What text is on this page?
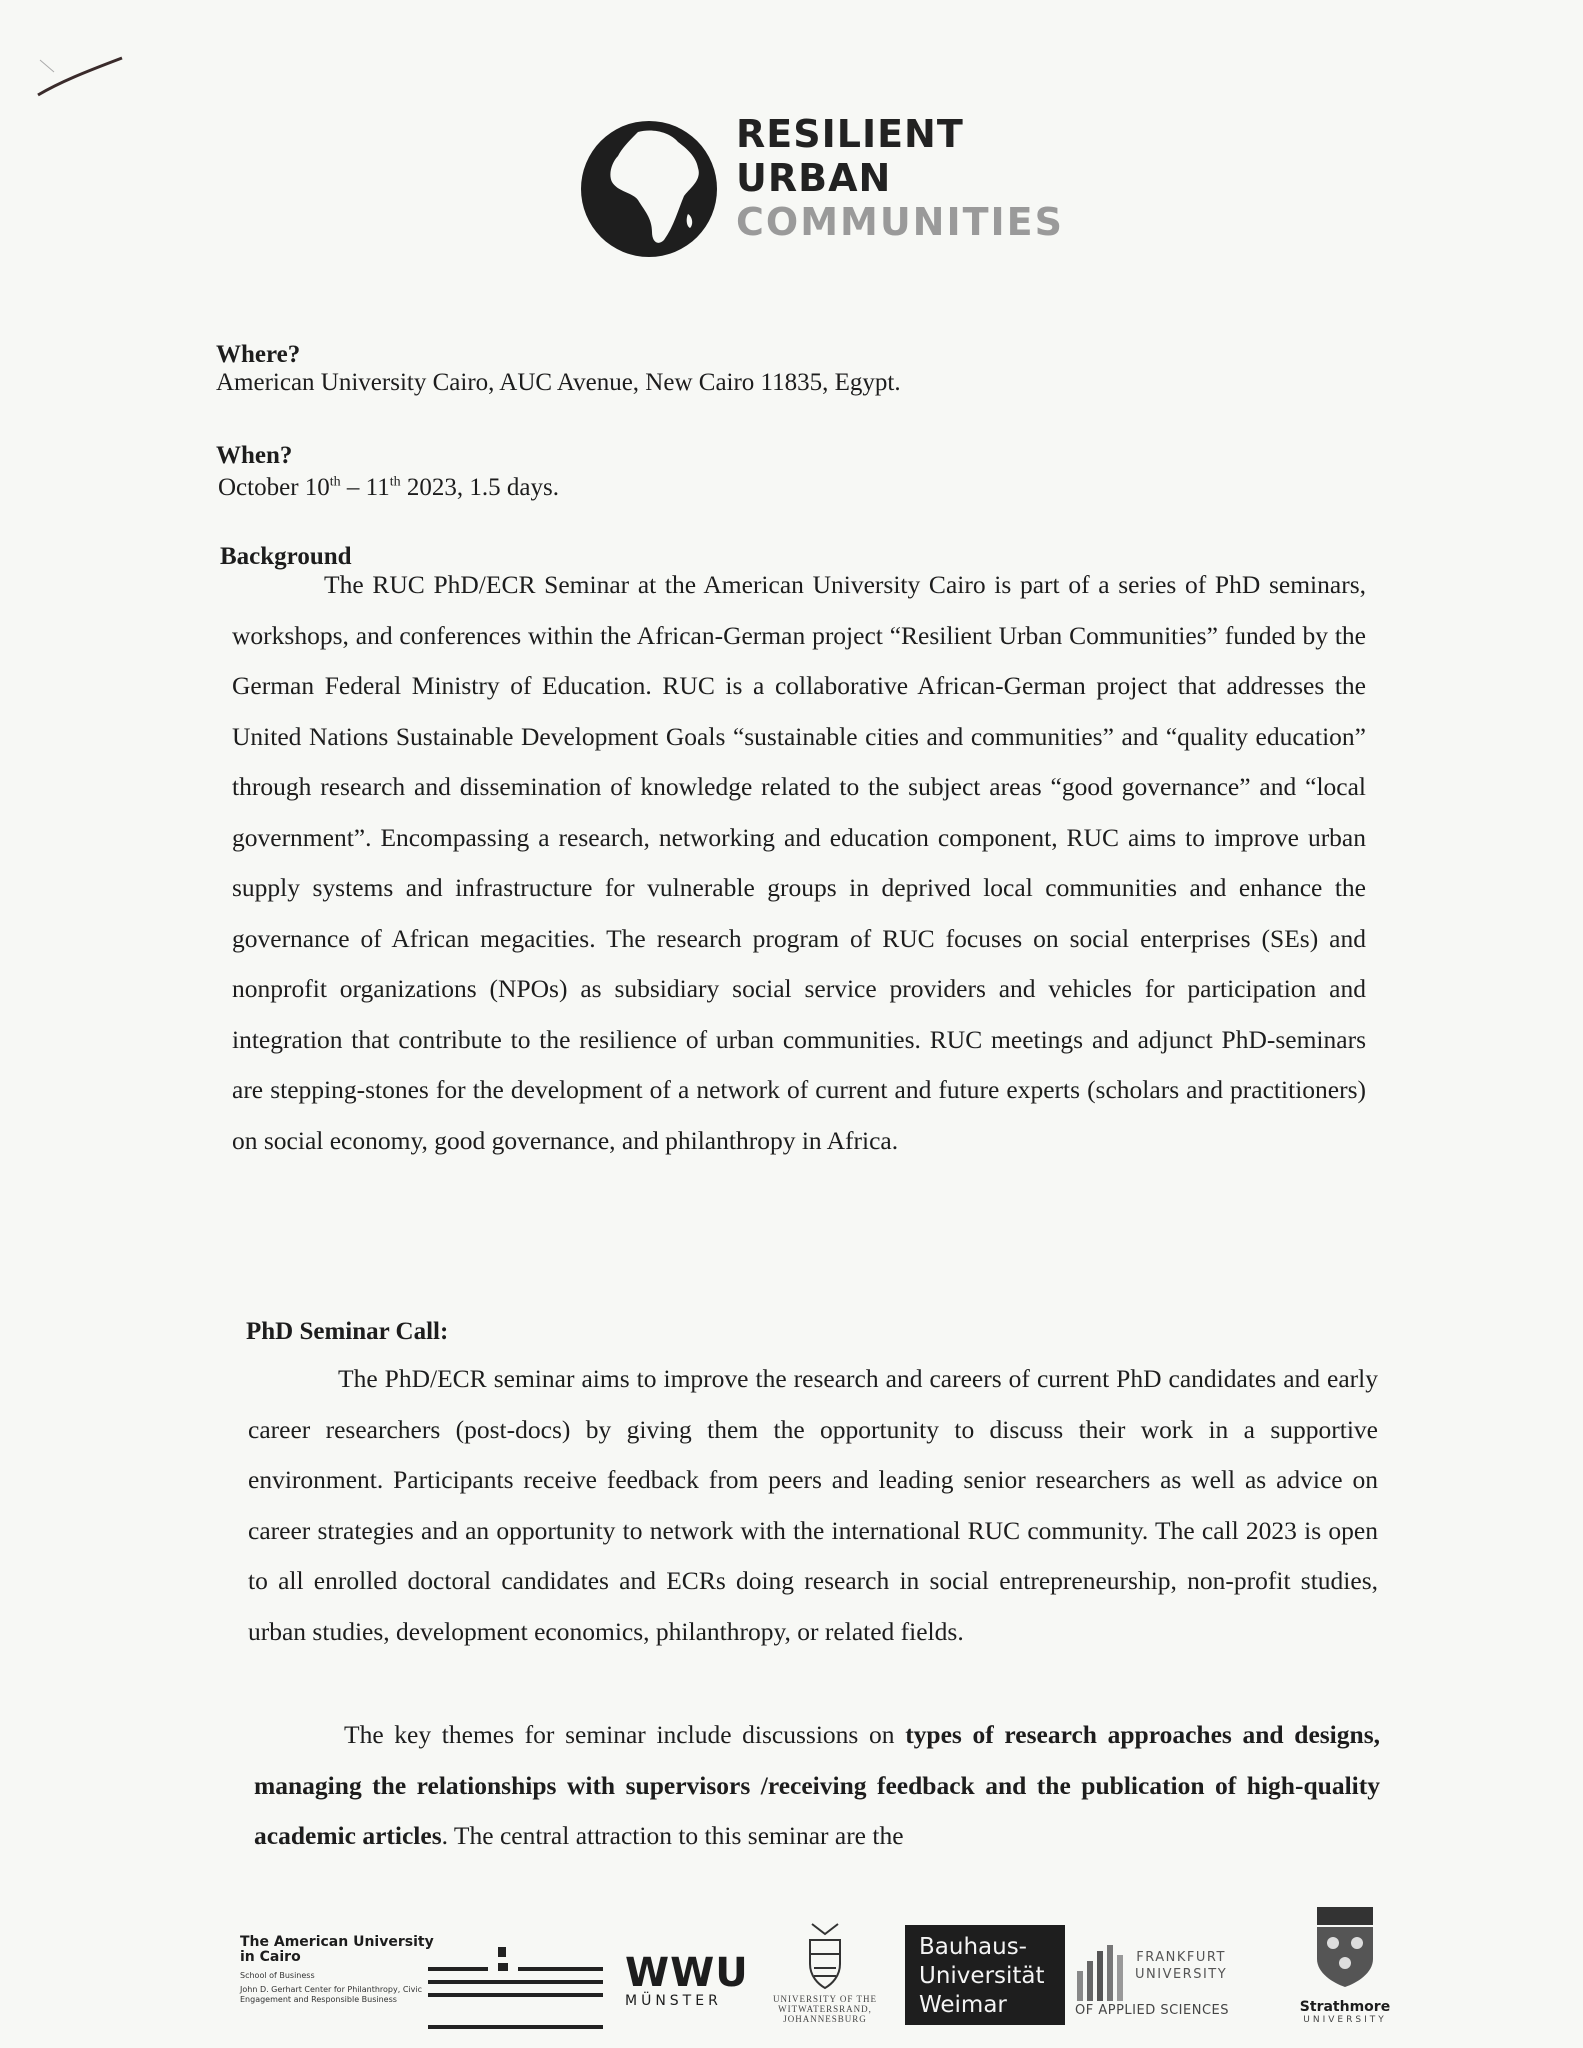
RESILIENT
URBAN
COMMUNITIES
Where?
American University Cairo, AUC Avenue, New Cairo 11835, Egypt.
When?
October 10th – 11th 2023, 1.5 days.
Background
The RUC PhD/ECR Seminar at the American University Cairo is part of a series of PhD seminars, workshops, and conferences within the African-German project “Resilient Urban Communities” funded by the German Federal Ministry of Education. RUC is a collaborative African-German project that addresses the United Nations Sustainable Development Goals “sustainable cities and communities” and “quality education” through research and dissemination of knowledge related to the subject areas “good governance” and “local government”. Encompassing a research, networking and education component, RUC aims to improve urban supply systems and infrastructure for vulnerable groups in deprived local communities and enhance the governance of African megacities. The research program of RUC focuses on social enterprises (SEs) and nonprofit organizations (NPOs) as subsidiary social service providers and vehicles for participation and integration that contribute to the resilience of urban communities. RUC meetings and adjunct PhD-seminars are stepping-stones for the development of a network of current and future experts (scholars and practitioners) on social economy, good governance, and philanthropy in Africa.
PhD Seminar Call:
The PhD/ECR seminar aims to improve the research and careers of current PhD candidates and early career researchers (post-docs) by giving them the opportunity to discuss their work in a supportive environment. Participants receive feedback from peers and leading senior researchers as well as advice on career strategies and an opportunity to network with the international RUC community. The call 2023 is open to all enrolled doctoral candidates and ECRs doing research in social entrepreneurship, non-profit studies, urban studies, development economics, philanthropy, or related fields.
The key themes for seminar include discussions on types of research approaches and designs, managing the relationships with supervisors /receiving feedback and the publication of high-quality academic articles. The central attraction to this seminar are the
The American University in Cairo
School of Business
John D. Gerhart Center for Philanthropy, Civic Engagement and Responsible Business
WWU
MÜNSTER	UNIVERSITY OF THE WITWATERSRAND, JOHANNESBURG
Bauhaus-
Universität
Weimar
FRANKFURT
UNIVERSITY
OF APPLIED SCIENCES	Strathmore
UNIVERSITY
